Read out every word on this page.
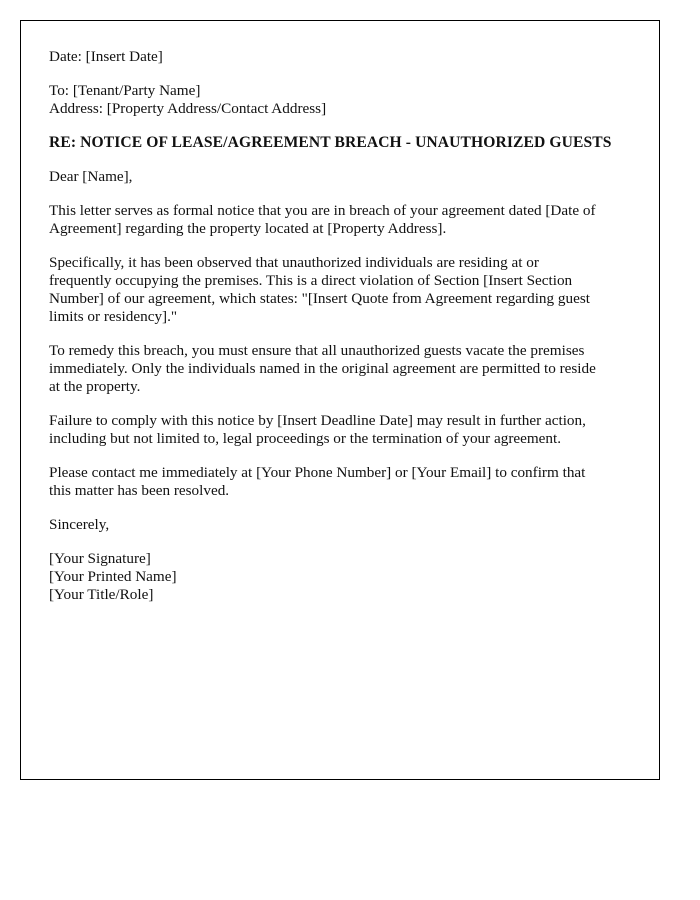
Date: [Insert Date]
To: [Tenant/Party Name]
Address: [Property Address/Contact Address]
RE: NOTICE OF LEASE/AGREEMENT BREACH - UNAUTHORIZED GUESTS
Dear [Name],
This letter serves as formal notice that you are in breach of your agreement dated [Date of
Agreement] regarding the property located at [Property Address].
Specifically, it has been observed that unauthorized individuals are residing at or
frequently occupying the premises. This is a direct violation of Section [Insert Section
Number] of our agreement, which states: "[Insert Quote from Agreement regarding guest
limits or residency]."
To remedy this breach, you must ensure that all unauthorized guests vacate the premises
immediately. Only the individuals named in the original agreement are permitted to reside
at the property.
Failure to comply with this notice by [Insert Deadline Date] may result in further action,
including but not limited to, legal proceedings or the termination of your agreement.
Please contact me immediately at [Your Phone Number] or [Your Email] to confirm that
this matter has been resolved.
Sincerely,
[Your Signature]
[Your Printed Name]
[Your Title/Role]
